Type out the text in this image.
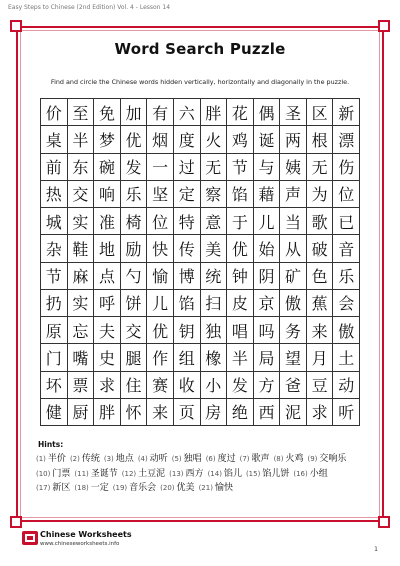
Easy Steps to Chinese (2nd Edition) Vol. 4 - Lesson 14
Word Search Puzzle
Find and circle the Chinese words hidden vertically, horizontally and diagonally in the puzzle.
价 至 免 加 有 六 胖 花 偶 圣 区 新
桌 半 梦 优 烟 度 火 鸡 诞 两 根 漂
前 东 碗 发 一 过 无 节 与 姨 无 伤
热 交 响 乐 坚 定 察 馅 藉 声 为 位
城 实 准 椅 位 特 意 于 儿 当 歌 已
杂 鞋 地 励 快 传 美 优 始 从 破 音
节 麻 点 勺 愉 博 统 钟 阴 矿 色 乐
扔 实 呼 饼 儿 馅 扫 皮 京 傲 蕉 会
原 忘 夫 交 优 钥 独 唱 吗 务 来 傲
门 嘴 史 腿 作 组 橡 半 局 望 月 土
坏 票 求 住 赛 收 小 发 方 爸 豆 动
健 厨 胖 怀 来 页 房 绝 西 泥 求 听
Hints:
(1) 半价 (2) 传统 (3) 地点 (4) 动听 (5) 独唱 (6) 度过 (7) 歌声 (8) 火鸡 (9) 交响乐(10) 门票 (11) 圣诞节 (12) 土豆泥 (13) 西方 (14) 馅儿 (15) 馅儿饼 (16) 小组(17) 新区 (18) 一定 (19) 音乐会 (20) 优美 (21) 愉快
Chinese Worksheets
www.chineseworksheets.info
1
